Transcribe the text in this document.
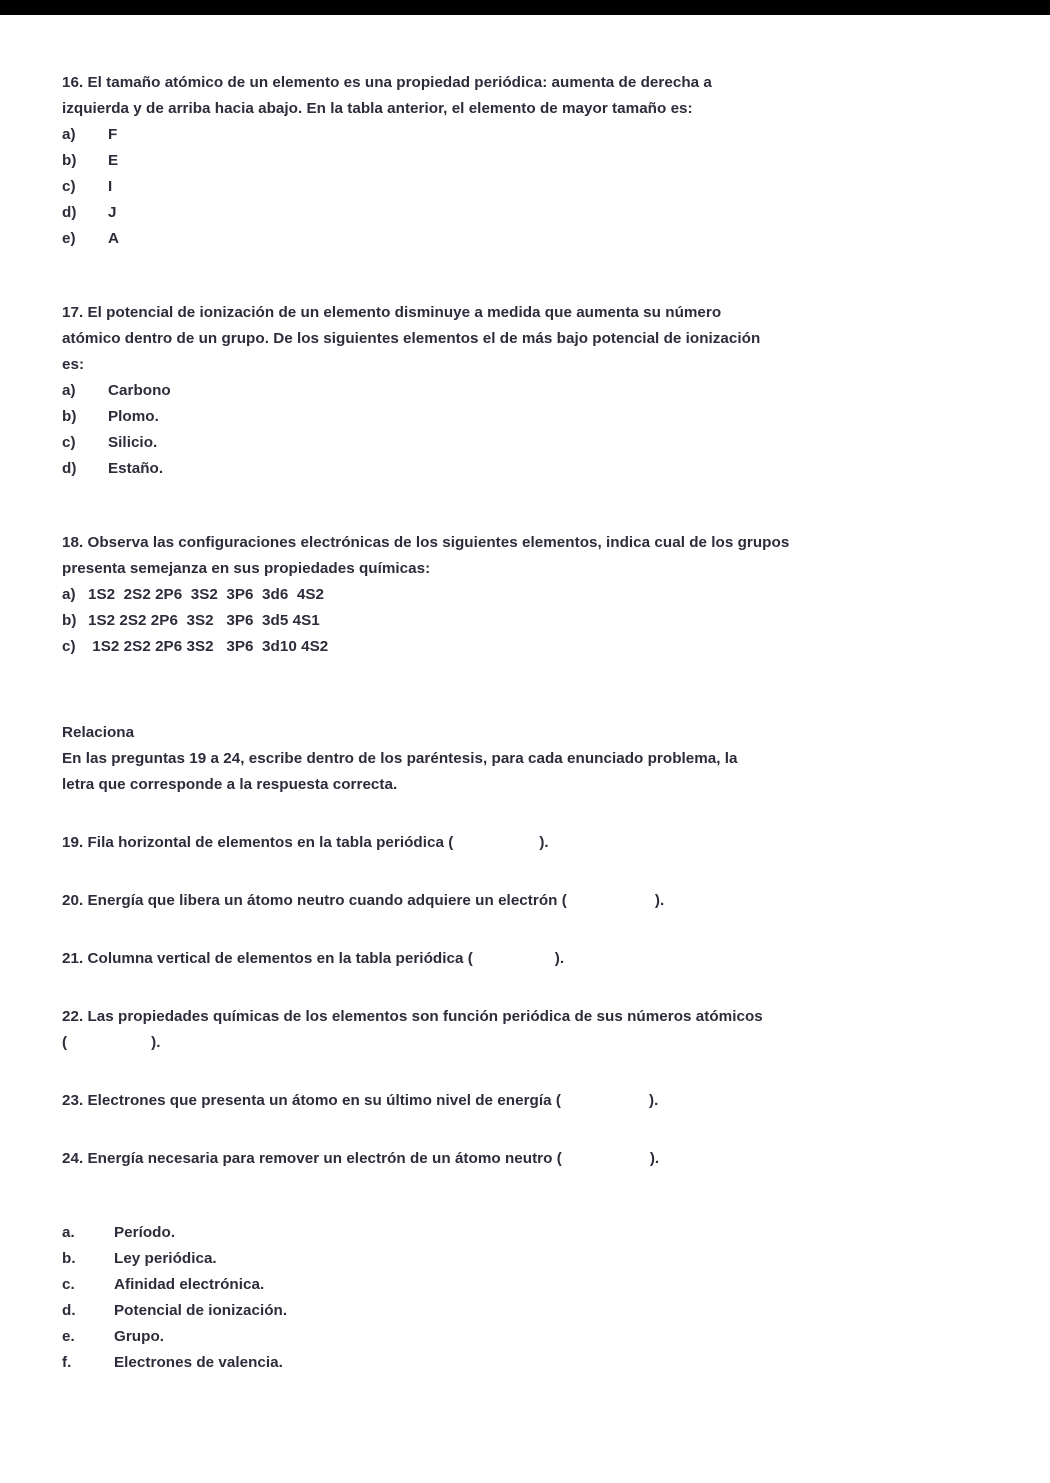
16. El tamaño atómico de un elemento es una propiedad periódica: aumenta de derecha a

izquierda y de arriba hacia abajo. En la tabla anterior, el elemento de mayor tamaño es:

a)	F
b)	E
c)	I
d)	J
e)	A

17. El potencial de ionización de un elemento disminuye a medida que aumenta su número

atómico dentro de un grupo. De los siguientes elementos el de más bajo potencial de ionización

es:

a)	Carbono
b)	Plomo.
c)	Silicio.
d)	Estaño.

18. Observa las configuraciones electrónicas de los siguientes elementos, indica cual de los grupos

presenta semejanza en sus propiedades químicas:

a) 1S2  2S2 2P6  3S2  3P6  3d6  4S2
b) 1S2 2S2 2P6  3S2   3P6  3d5 4S1
c) 1S2 2S2 2P6 3S2   3P6  3d10 4S2

Relaciona

En las preguntas 19 a 24, escribe dentro de los paréntesis, para cada enunciado problema, la

letra que corresponde a la respuesta correcta.

19. Fila horizontal de elementos en la tabla periódica (	).

20. Energía que libera un átomo neutro cuando adquiere un electrón (	).

21. Columna vertical de elementos en la tabla periódica (	).

22. Las propiedades químicas de los elementos son función periódica de sus números atómicos

(	).

23. Electrones que presenta un átomo en su último nivel de energía (	).

24. Energía necesaria para remover un electrón de un átomo neutro (	).

a.	Período.
b.	Ley periódica.
c.	Afinidad electrónica.
d.	Potencial de ionización.
e.	Grupo.
f.	Electrones de valencia.
